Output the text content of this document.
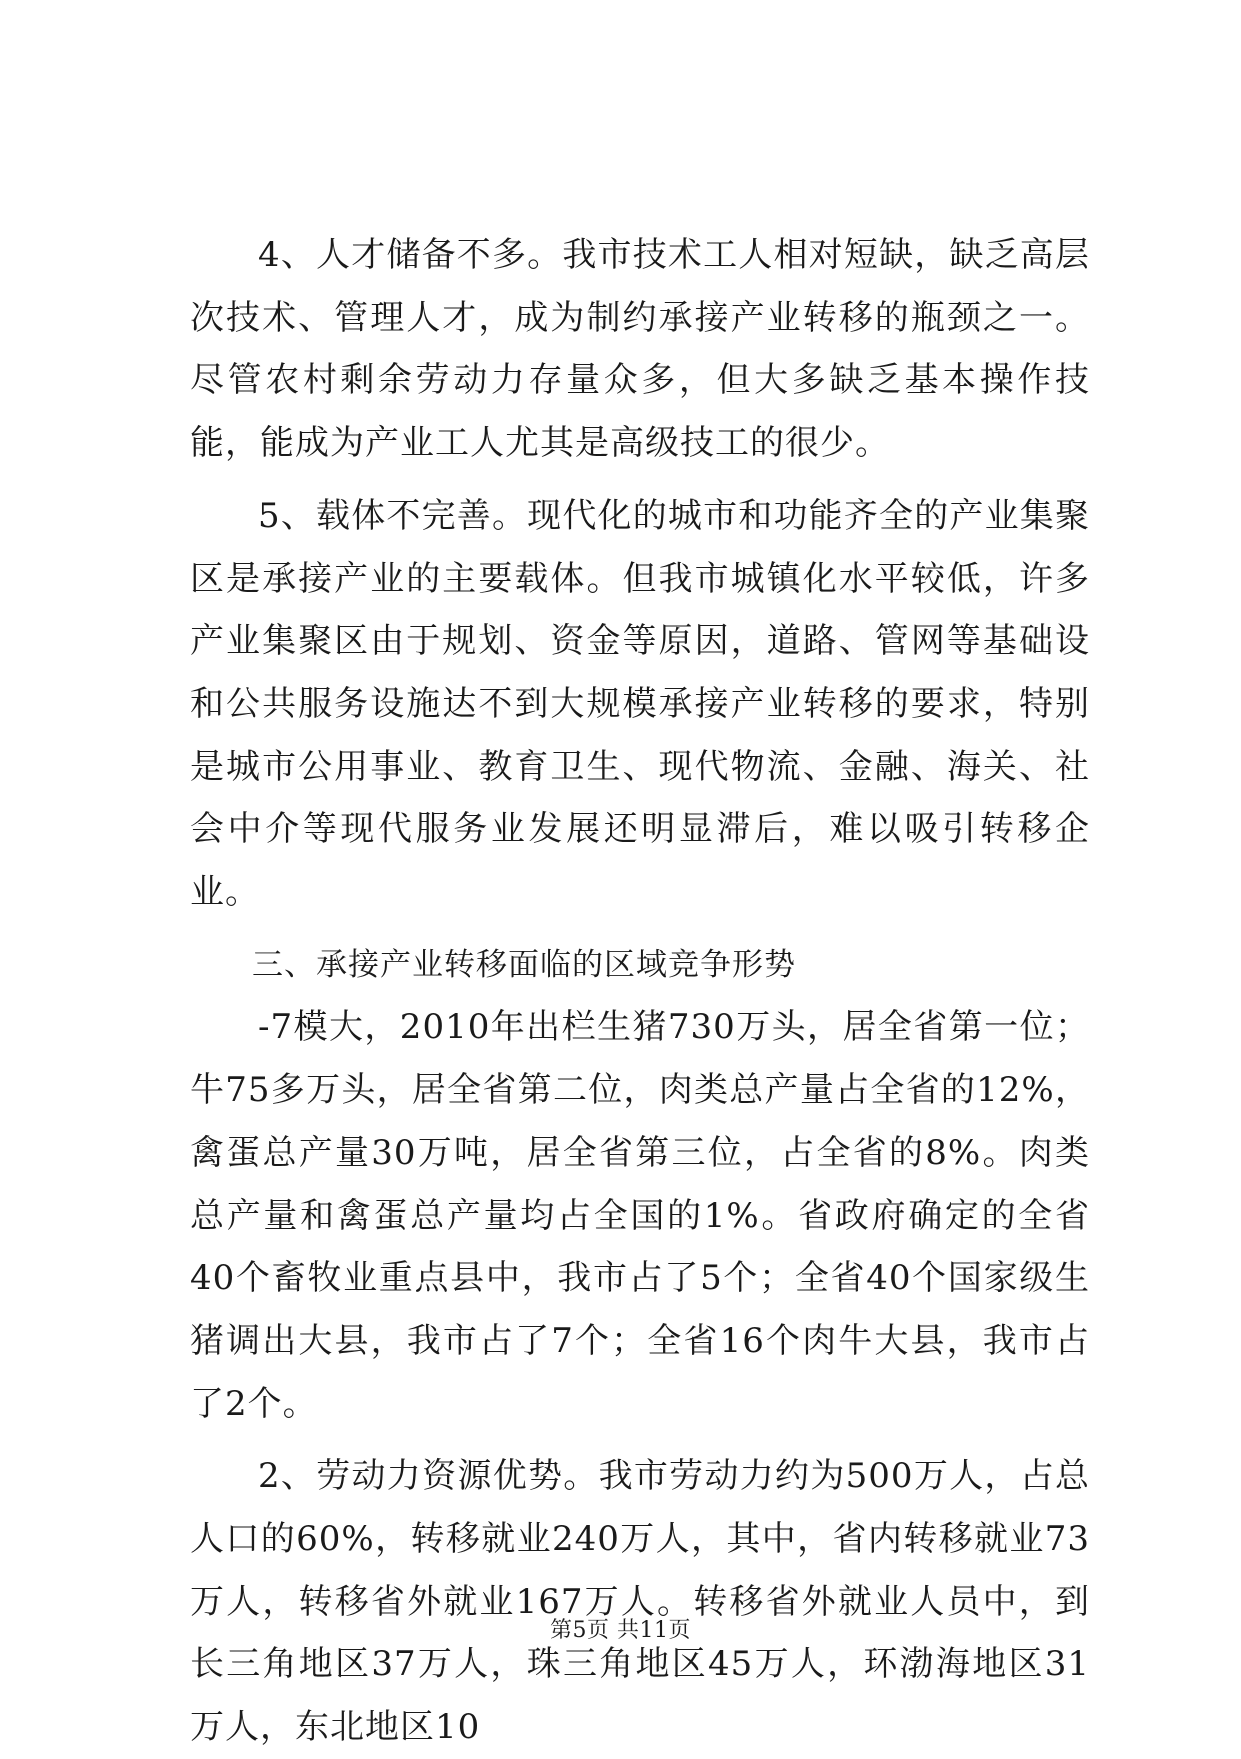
4、人才储备不多。我市技术工人相对短缺，缺乏高层次技术、管理人才，成为制约承接产业转移的瓶颈之一。尽管农村剩余劳动力存量众多，但大多缺乏基本操作技能，能成为产业工人尤其是高级技工的很少。

5、载体不完善。现代化的城市和功能齐全的产业集聚区是承接产业的主要载体。但我市城镇化水平较低，许多产业集聚区由于规划、资金等原因，道路、管网等基础设和公共服务设施达不到大规模承接产业转移的要求，特别是城市公用事业、教育卫生、现代物流、金融、海关、社会中介等现代服务业发展还明显滞后，难以吸引转移企业。

三、承接产业转移面临的区域竞争形势

-7模大，2010年出栏生猪730万头，居全省第一位；牛75多万头，居全省第二位，肉类总产量占全省的12%，禽蛋总产量30万吨，居全省第三位，占全省的8%。肉类总产量和禽蛋总产量均占全国的1%。省政府确定的全省40个畜牧业重点县中，我市占了5个；全省40个国家级生猪调出大县，我市占了7个；全省16个肉牛大县，我市占了2个。

2、劳动力资源优势。我市劳动力约为500万人，占总人口的60%，转移就业240万人，其中，省内转移就业73万人，转移省外就业167万人。转移省外就业人员中，到长三角地区37万人，珠三角地区45万人，环渤海地区31万人，东北地区10

第5页 共11页
